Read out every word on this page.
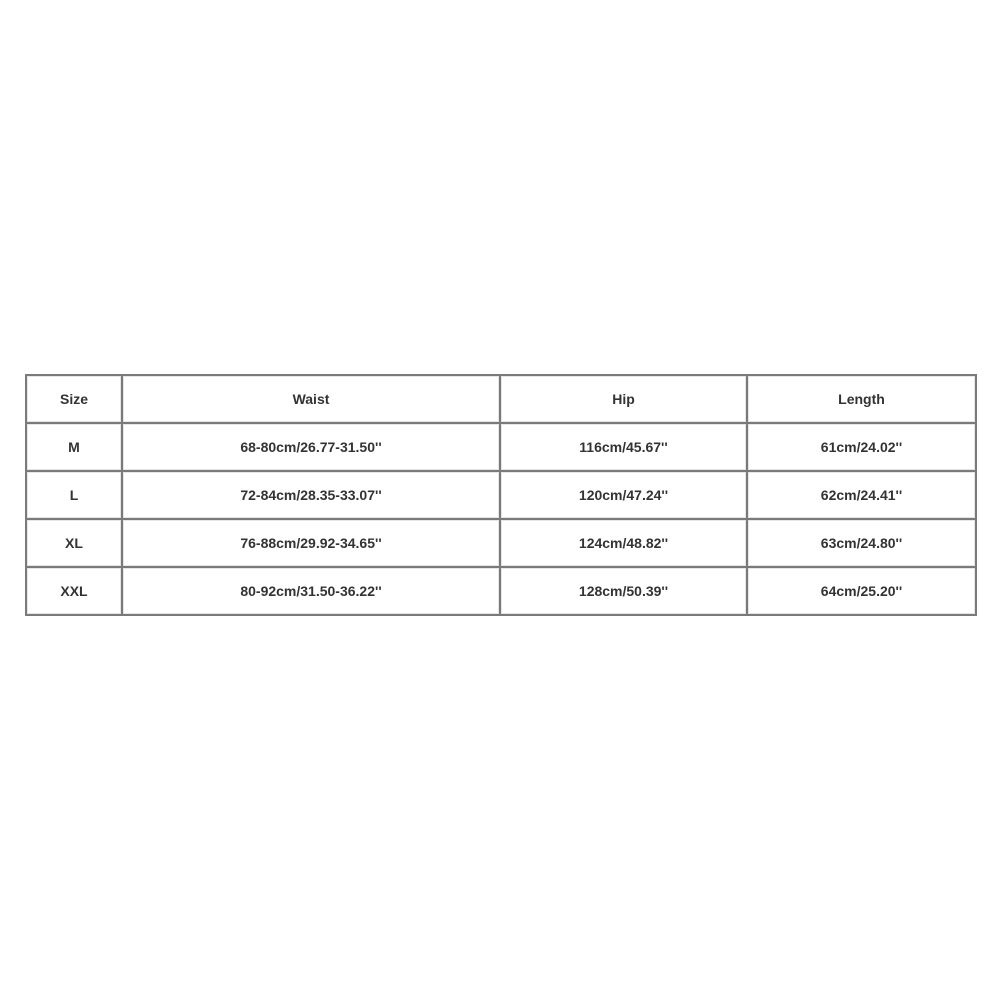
Size	Waist	Hip	Length
M	68-80cm/26.77-31.50''	116cm/45.67''	61cm/24.02''
L	72-84cm/28.35-33.07''	120cm/47.24''	62cm/24.41''
XL	76-88cm/29.92-34.65''	124cm/48.82''	63cm/24.80''
XXL	80-92cm/31.50-36.22''	128cm/50.39''	64cm/25.20''
